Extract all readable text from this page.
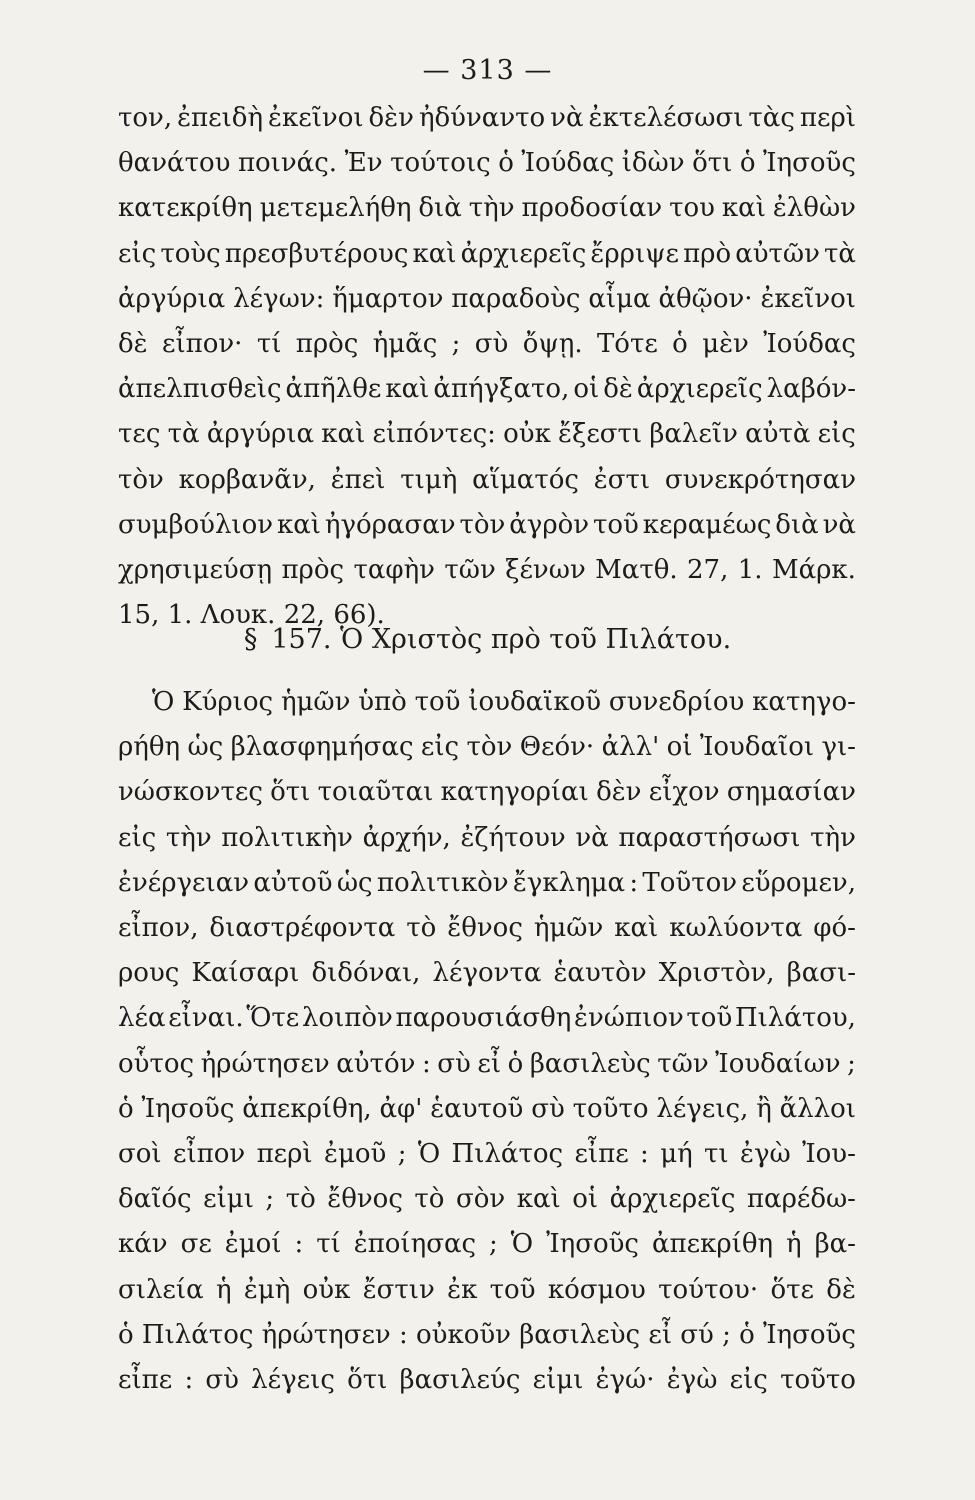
— 313 —
τον, ἐπειδὴ ἐκεῖνοι δὲν ἠδύναντο νὰ ἐκτελέσωσι τὰς περὶ
θανάτου ποινάς. Ἐν τούτοις ὁ Ἰούδας ἰδὼν ὅτι ὁ Ἰησοῦς
κατεκρίθη μετεμελήθη διὰ τὴν προδοσίαν του καὶ ἐλθὼν
εἰς τοὺς πρεσβυτέρους καὶ ἀρχιερεῖς ἔρριψε πρὸ αὐτῶν τὰ
ἀργύρια λέγων: ἥμαρτον παραδοὺς αἷμα ἀθῷον· ἐκεῖνοι
δὲ εἶπον· τί πρὸς ἡμᾶς ; σὺ ὄψῃ. Τότε ὁ μὲν Ἰούδας
ἀπελπισθεὶς ἀπῆλθε καὶ ἀπήγξατο, οἱ δὲ ἀρχιερεῖς λαβόν-
τες τὰ ἀργύρια καὶ εἰπόντες: οὐκ ἔξεστι βαλεῖν αὐτὰ εἰς
τὸν κορβανᾶν, ἐπεὶ τιμὴ αἵματός ἐστι συνεκρότησαν
συμβούλιον καὶ ἠγόρασαν τὸν ἀγρὸν τοῦ κεραμέως διὰ νὰ
χρησιμεύσῃ πρὸς ταφὴν τῶν ξένων Ματθ. 27, 1. Μάρκ.
15, 1. Λουκ. 22, 66).
§ 157. Ὁ Χριστὸς πρὸ τοῦ Πιλάτου.
Ὁ Κύριος ἡμῶν ὑπὸ τοῦ ἰουδαϊκοῦ συνεδρίου κατηγο-
ρήθη ὡς βλασφημήσας εἰς τὸν Θεόν· ἀλλ' οἱ Ἰουδαῖοι γι-
νώσκοντες ὅτι τοιαῦται κατηγορίαι δὲν εἶχον σημασίαν
εἰς τὴν πολιτικὴν ἀρχήν, ἐζήτουν νὰ παραστήσωσι τὴν
ἐνέργειαν αὐτοῦ ὡς πολιτικὸν ἔγκλημα : Τοῦτον εὕρομεν,
εἶπον, διαστρέφοντα τὸ ἔθνος ἡμῶν καὶ κωλύοντα φό-
ρους Καίσαρι διδόναι, λέγοντα ἑαυτὸν Χριστὸν, βασι-
λέα εἶναι. Ὅτε λοιπὸν παρουσιάσθη ἐνώπιον τοῦ Πιλάτου,
οὗτος ἠρώτησεν αὐτόν : σὺ εἶ ὁ βασιλεὺς τῶν Ἰουδαίων ;
ὁ Ἰησοῦς ἀπεκρίθη, ἀφ' ἑαυτοῦ σὺ τοῦτο λέγεις, ἢ ἄλλοι
σοὶ εἶπον περὶ ἐμοῦ ; Ὁ Πιλάτος εἶπε : μή τι ἐγὼ Ἰου-
δαῖός εἰμι ; τὸ ἔθνος τὸ σὸν καὶ οἱ ἀρχιερεῖς παρέδω-
κάν σε ἐμοί : τί ἐποίησας ; Ὁ Ἰησοῦς ἀπεκρίθη ἡ βα-
σιλεία ἡ ἐμὴ οὐκ ἔστιν ἐκ τοῦ κόσμου τούτου· ὅτε δὲ
ὁ Πιλάτος ἠρώτησεν : οὐκοῦν βασιλεὺς εἶ σύ ; ὁ Ἰησοῦς
εἶπε : σὺ λέγεις ὅτι βασιλεύς εἰμι ἐγώ· ἐγὼ εἰς τοῦτο
